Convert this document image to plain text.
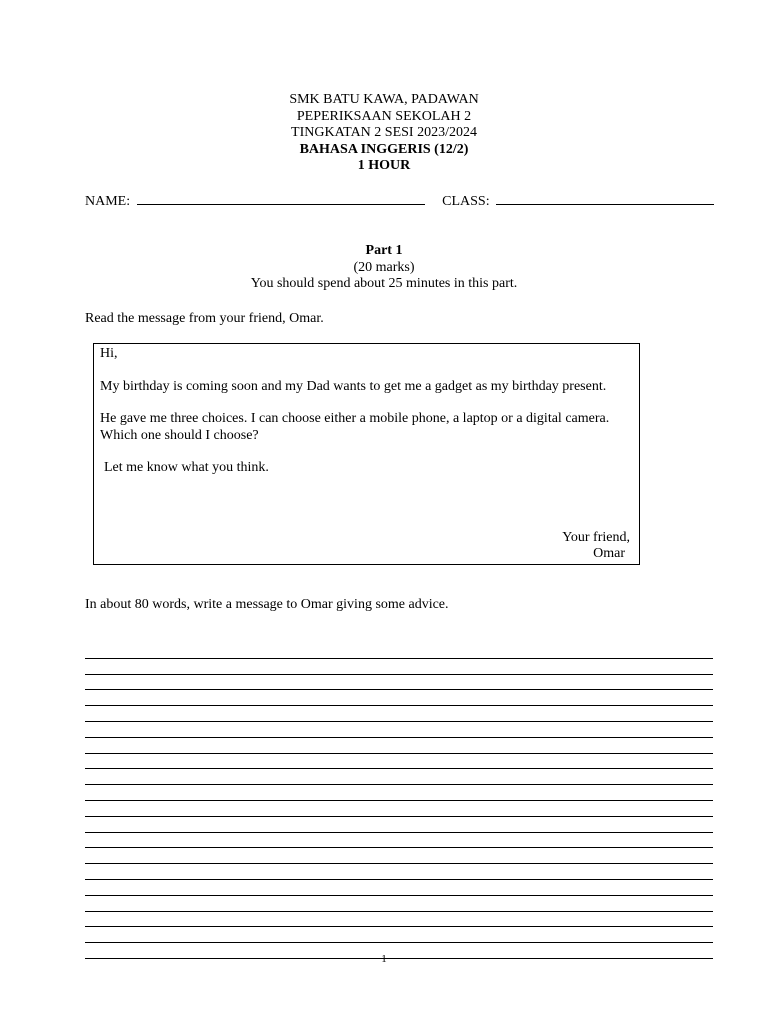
SMK BATU KAWA, PADAWAN
PEPERIKSAAN SEKOLAH 2
TINGKATAN 2 SESI 2023/2024
BAHASA INGGERIS (12/2)
1 HOUR
NAME:	CLASS:
Part 1
(20 marks)
You should spend about 25 minutes in this part.
Read the message from your friend, Omar.

Hi,

My birthday is coming soon and my Dad wants to get me a gadget as my birthday present.

He gave me three choices. I can choose either a mobile phone, a laptop or a digital camera.

Which one should I choose?

Let me know what you think.

Your friend,
Omar
In about 80 words, write a message to Omar giving some advice.
1
